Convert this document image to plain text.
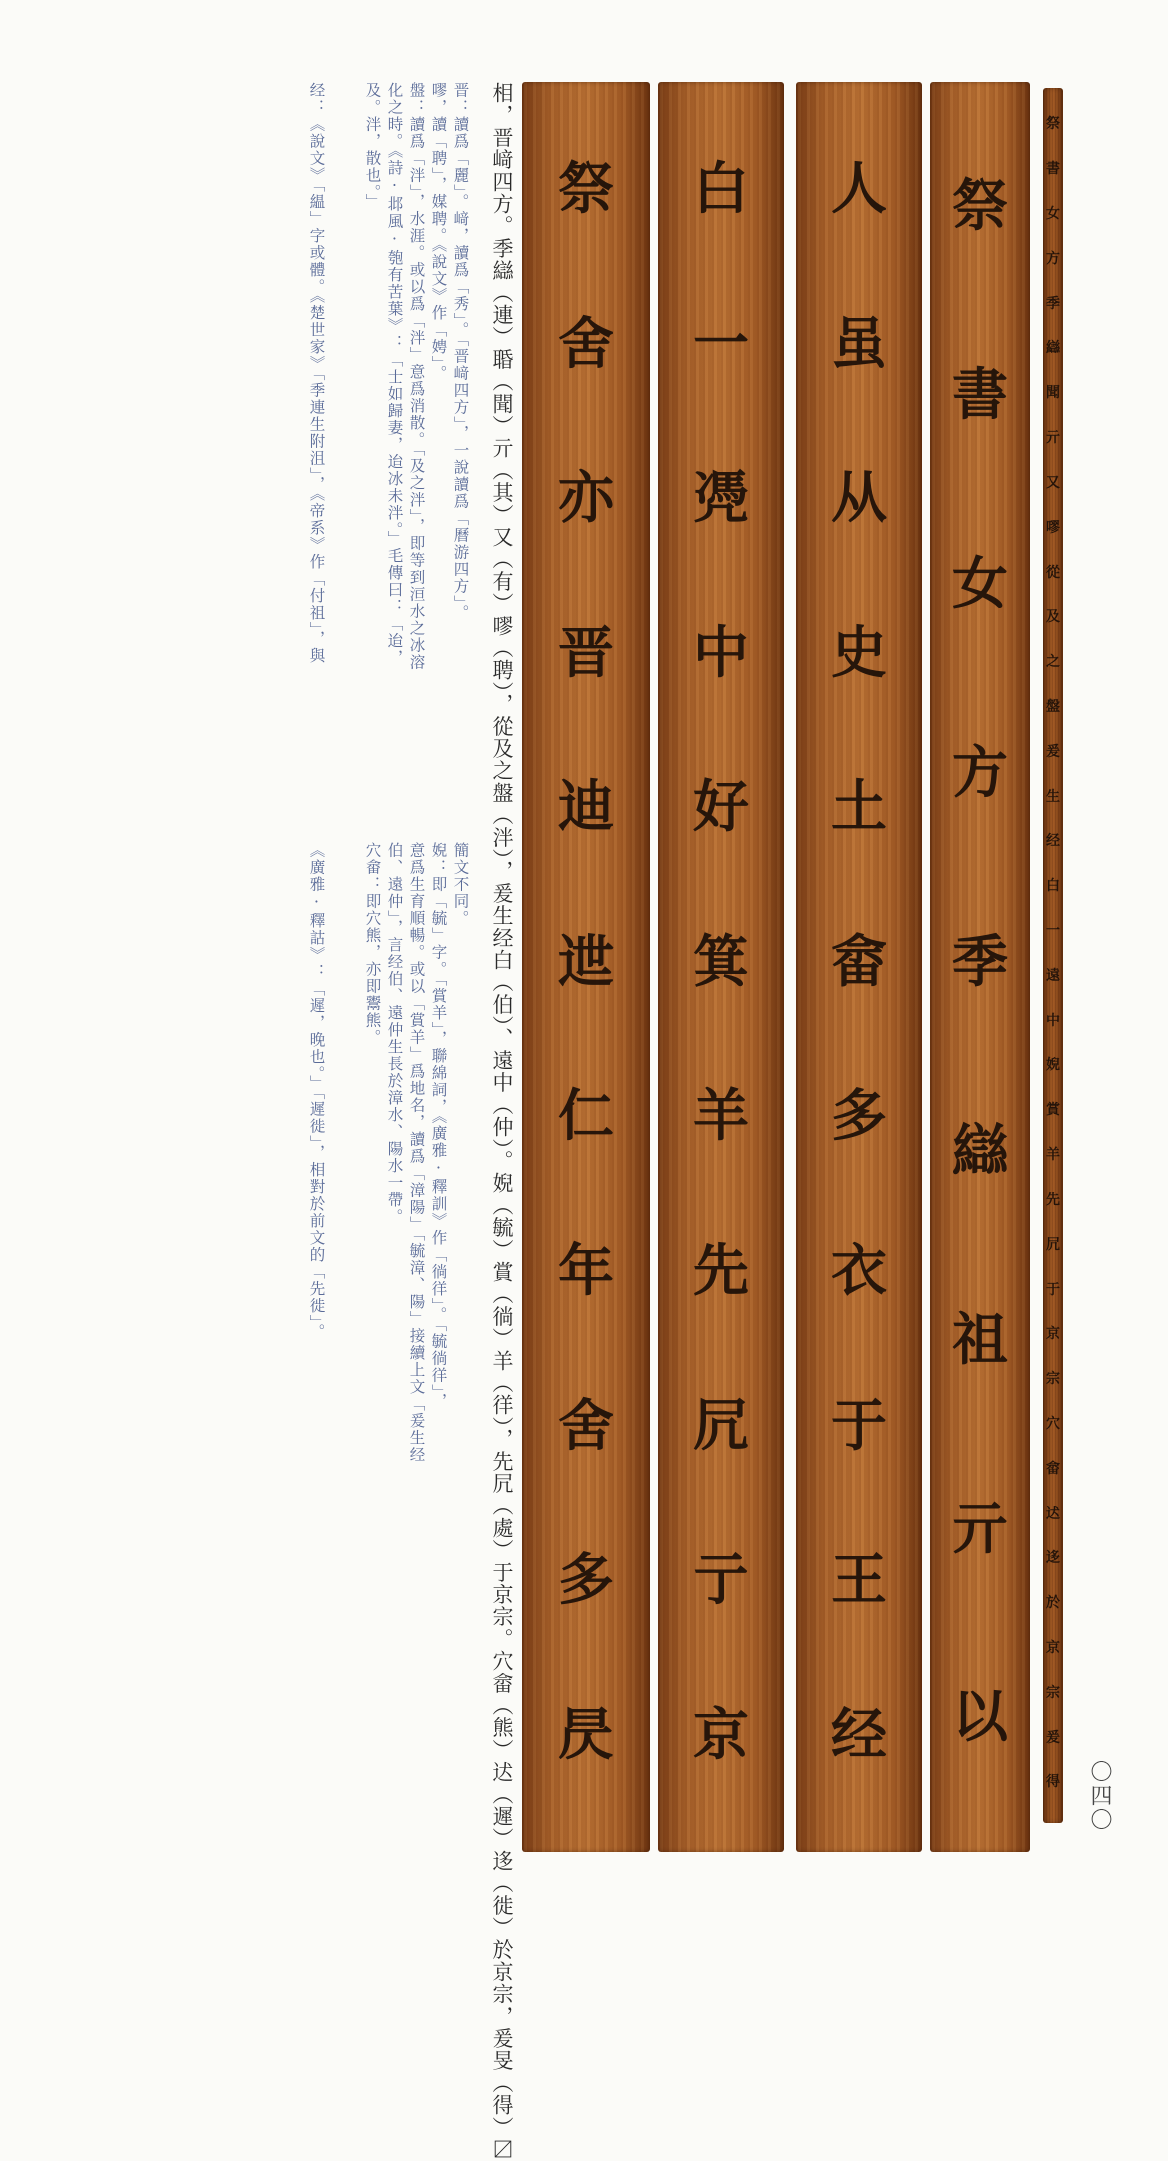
晋：讀爲「麗」。﨑，讀爲「秀」。「晋﨑四方」，一說讀爲「曆游四方」。
嘐，讀「聘」，媒聘。《說文》作「娉」。
盤：讀爲「泮」，水涯。或以爲「泮」意爲消散。「及之泮」，即等到洹水之冰溶
化之時。《詩·邶風·匏有苦葉》：「士如歸妻，迨冰未泮。」毛傳曰：「迨，
及。泮，散也。」
经：《說文》「緼」字或體。《楚世家》「季連生附沮」，《帝系》作「付祖」，與
簡文不同。
婗：即「毓」字。「賞羊」，聯綿詞，《廣雅·釋訓》作「徜徉」。「毓徜徉」，
意爲生育順暢。或以「賞羊」爲地名，讀爲「漳陽」「毓漳、陽」接續上文「爰生经
伯、遠仲」，言经伯、遠仲生長於漳水、陽水一帶。
穴畲：即穴熊，亦即鬻熊。
《廣雅·釋詁》：「遲，晚也。」「遲徙」，相對於前文的「先徙」。	相，晋﨑四方。季䜌（連）䎽（聞）亓（其）又（有）嘐（聘），從及之盤（泮），爰生经白（伯）、遠中（仲）。婗（毓）賞（徜）羊（徉），先凥（處）于京宗。穴畲（熊）迖（遲）迻（徙）於京宗，爰旻（得）〼 祭
舍
亦
晋
迪
迣
仁
年
舍
多
昃
白
一
凴
中
好
箕
羊
先
凥
亍
京
人
虽
从
史
土
畲
多
衣
于
王
经
祭
書
女
方
季
䜌
祖
亓
以
祭
書
女
方
季
䜌
聞
亓
又
嘐
從
及
之
盤
爰
生
经
白
一
遠
中
婗
賞
羊
先
凥
于
京
宗
穴
畲
迖
迻
於
京
宗
爰
得 〇四〇
